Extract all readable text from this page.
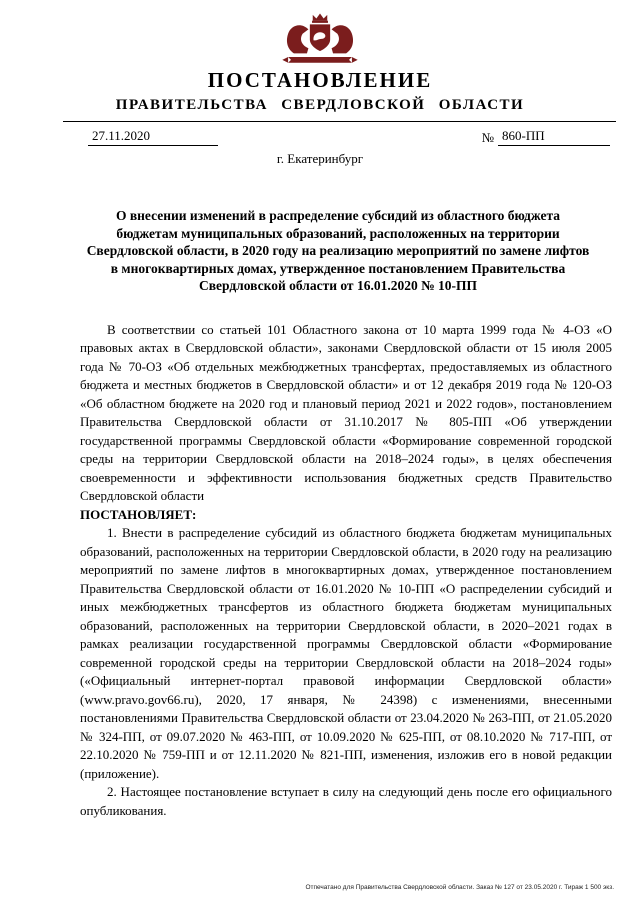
ПОСТАНОВЛЕНИЕ
ПРАВИТЕЛЬСТВА СВЕРДЛОВСКОЙ ОБЛАСТИ
27.11.2020	№ 860-ПП
г. Екатеринбург
О внесении изменений в распределение субсидий из областного бюджета бюджетам муниципальных образований, расположенных на территории Свердловской области, в 2020 году на реализацию мероприятий по замене лифтов в многоквартирных домах, утвержденное постановлением Правительства Свердловской области от 16.01.2020 № 10-ПП

В соответствии со статьей 101 Областного закона от 10 марта 1999 года № 4-ОЗ «О правовых актах в Свердловской области», законами Свердловской области от 15 июля 2005 года № 70-ОЗ «Об отдельных межбюджетных трансфертах, предоставляемых из областного бюджета и местных бюджетов в Свердловской области» и от 12 декабря 2019 года № 120-ОЗ «Об областном бюджете на 2020 год и плановый период 2021 и 2022 годов», постановлением Правительства Свердловской области от 31.10.2017 № 805-ПП «Об утверждении государственной программы Свердловской области «Формирование современной городской среды на территории Свердловской области на 2018–2024 годы», в целях обеспечения своевременности и эффективности использования бюджетных средств Правительство Свердловской области

ПОСТАНОВЛЯЕТ:

1. Внести в распределение субсидий из областного бюджета бюджетам муниципальных образований, расположенных на территории Свердловской области, в 2020 году на реализацию мероприятий по замене лифтов в многоквартирных домах, утвержденное постановлением Правительства Свердловской области от 16.01.2020 № 10-ПП «О распределении субсидий и иных межбюджетных трансфертов из областного бюджета бюджетам муниципальных образований, расположенных на территории Свердловской области, в 2020–2021 годах в рамках реализации государственной программы Свердловской области «Формирование современной городской среды на территории Свердловской области на 2018–2024 годы» («Официальный интернет-портал правовой информации Свердловской области» (www.pravo.gov66.ru), 2020, 17 января, № 24398) с изменениями, внесенными постановлениями Правительства Свердловской области от 23.04.2020 № 263-ПП, от 21.05.2020 № 324-ПП, от 09.07.2020 № 463-ПП, от 10.09.2020 № 625-ПП, от 08.10.2020 № 717-ПП, от 22.10.2020 № 759-ПП и от 12.11.2020 № 821-ПП, изменения, изложив его в новой редакции (приложение).

2. Настоящее постановление вступает в силу на следующий день после его официального опубликования.

Отпечатано для Правительства Свердловской области. Заказ № 127 от 23.05.2020 г. Тираж 1 500 экз.
